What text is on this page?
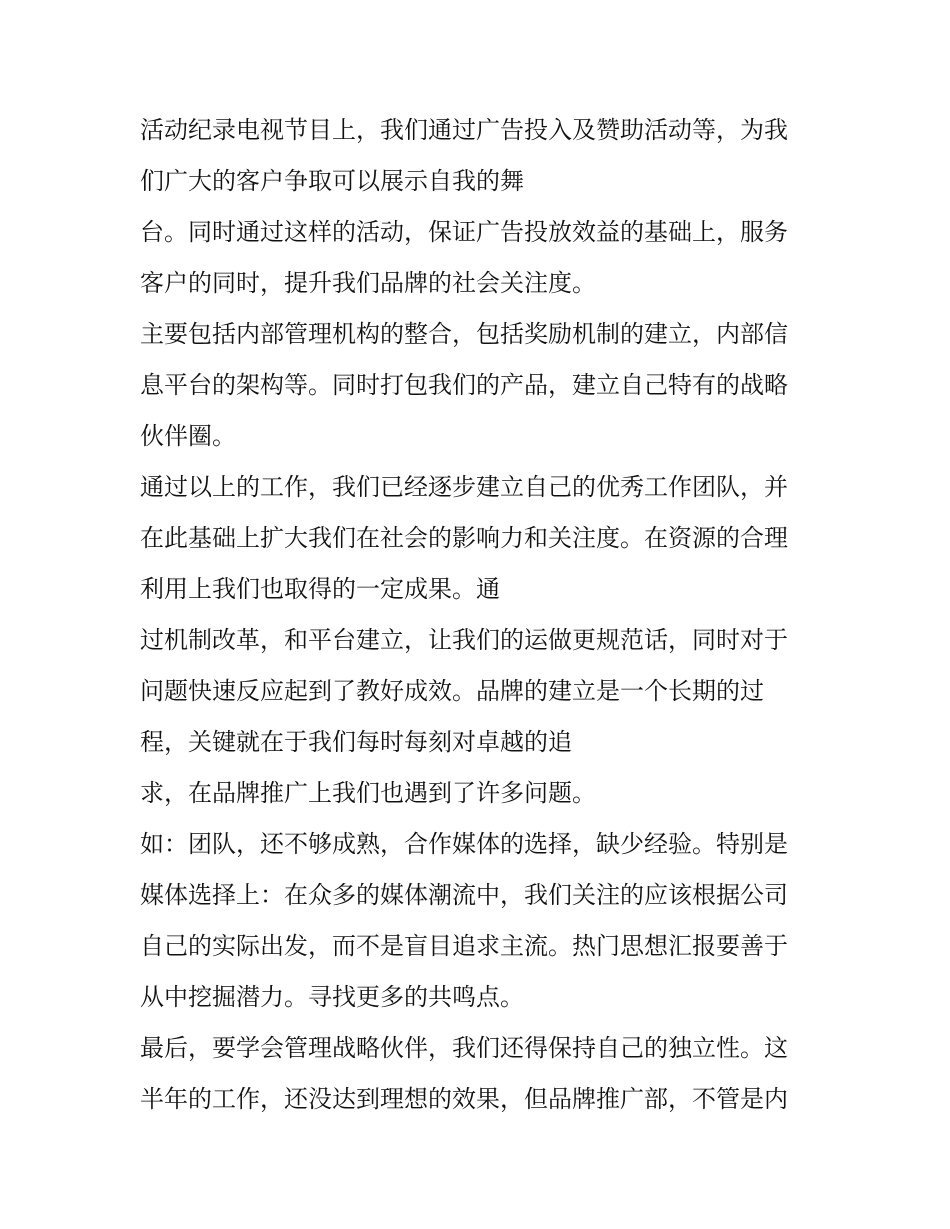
活动纪录电视节目上，我们通过广告投入及赞助活动等，为我
们广大的客户争取可以展示自我的舞
台。同时通过这样的活动，保证广告投放效益的基础上，服务
客户的同时，提升我们品牌的社会关注度。
主要包括内部管理机构的整合，包括奖励机制的建立，内部信
息平台的架构等。同时打包我们的产品，建立自己特有的战略
伙伴圈。
通过以上的工作，我们已经逐步建立自己的优秀工作团队，并
在此基础上扩大我们在社会的影响力和关注度。在资源的合理
利用上我们也取得的一定成果。通
过机制改革，和平台建立，让我们的运做更规范话，同时对于
问题快速反应起到了教好成效。品牌的建立是一个长期的过
程，关键就在于我们每时每刻对卓越的追
求，在品牌推广上我们也遇到了许多问题。
如：团队，还不够成熟，合作媒体的选择，缺少经验。特别是
媒体选择上：在众多的媒体潮流中，我们关注的应该根据公司
自己的实际出发，而不是盲目追求主流。热门思想汇报要善于
从中挖掘潜力。寻找更多的共鸣点。
最后，要学会管理战略伙伴，我们还得保持自己的独立性。这
半年的工作，还没达到理想的效果，但品牌推广部，不管是内
